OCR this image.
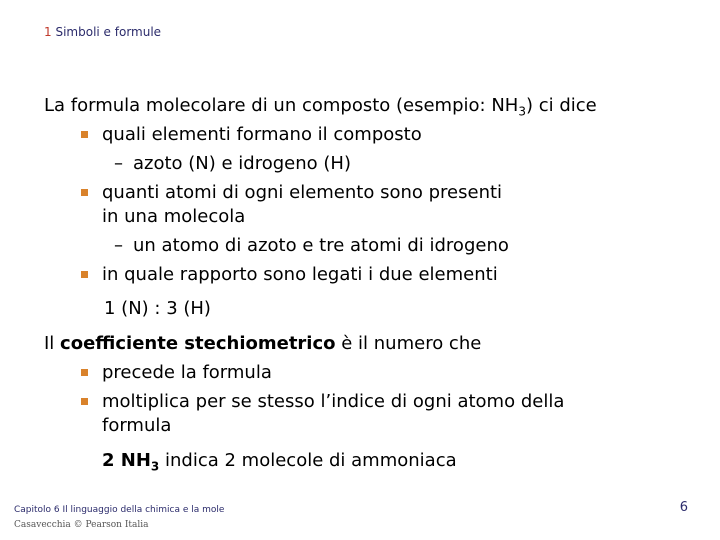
1 Simboli e formule
La formula molecolare di un composto (esempio: $NH_3$) ci dice
quali elementi formano il composto
– azoto (N) e idrogeno (H)
quanti atomi di ogni elemento sono presenti
in una molecola
– un atomo di azoto e tre atomi di idrogeno
in quale rapporto sono legati i due elementi
1 (N) : 3 (H)
Il coefficiente stechiometrico è il numero che
precede la formula
moltiplica per se stesso l’indice di ogni atomo della
formula
2 $NH_3$ indica 2 molecole di ammoniaca
Capitolo 6 Il linguaggio della chimica e la mole
Casavecchia © Pearson Italia
6
